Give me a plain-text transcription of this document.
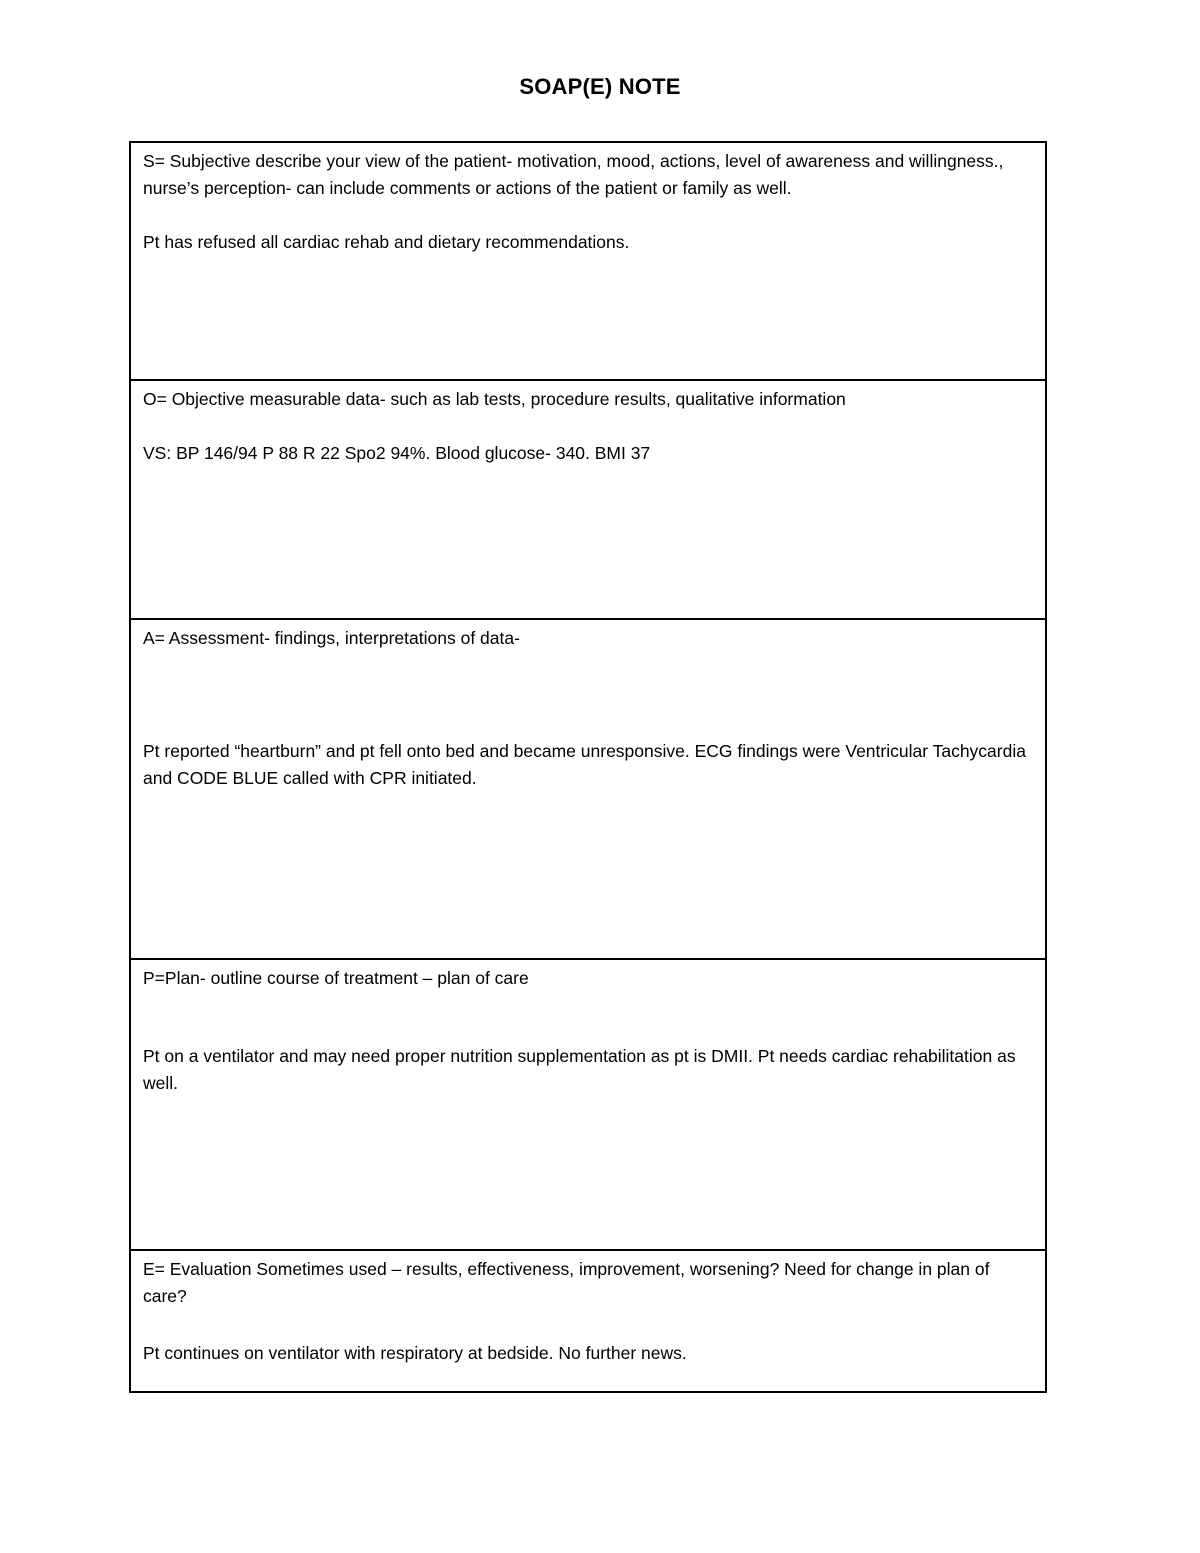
SOAP(E) NOTE

S= Subjective describe your view of the patient- motivation, mood, actions, level of awareness and willingness., nurse’s perception- can include comments or actions of the patient or family as well.

Pt has refused all cardiac rehab and dietary recommendations.

O= Objective measurable data- such as lab tests, procedure results, qualitative information

VS: BP 146/94 P 88 R 22 Spo2 94%. Blood glucose- 340. BMI 37

A= Assessment- findings, interpretations of data-

Pt reported “heartburn” and pt fell onto bed and became unresponsive. ECG findings were Ventricular Tachycardia and CODE BLUE called with CPR initiated.

P=Plan- outline course of treatment – plan of care

Pt on a ventilator and may need proper nutrition supplementation as pt is DMII. Pt needs cardiac rehabilitation as well.

E= Evaluation Sometimes used – results, effectiveness, improvement, worsening? Need for change in plan of care?

Pt continues on ventilator with respiratory at bedside. No further news.
